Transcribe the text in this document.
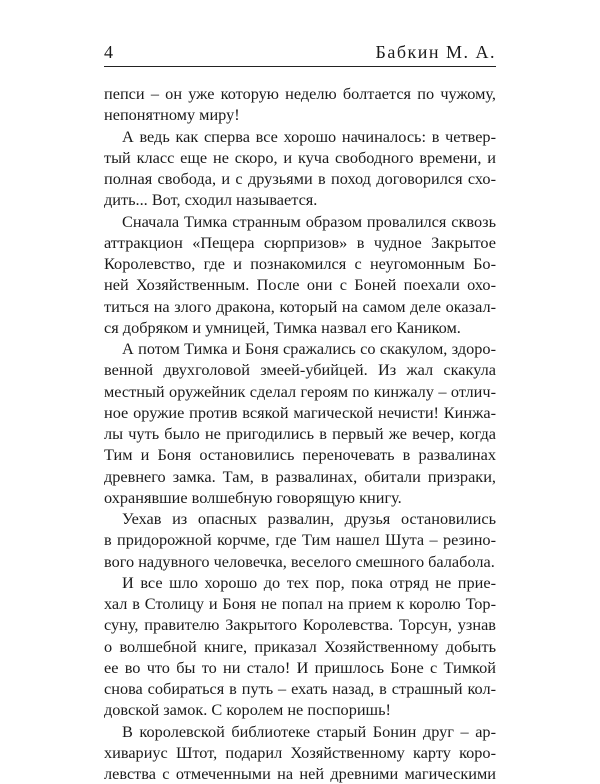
4	Бабкин М. А.
пепси – он уже которую неделю болтается по чужому,
непонятному миру!
А ведь как сперва все хорошо начиналось: в четвер-
тый класс еще не скоро, и куча свободного времени, и
полная свобода, и с друзьями в поход договорился схо-
дить... Вот, сходил называется.
Сначала Тимка странным образом провалился сквозь
аттракцион «Пещера сюрпризов» в чудное Закрытое
Королевство, где и познакомился с неугомонным Бо-
ней Хозяйственным. После они с Боней поехали охо-
титься на злого дракона, который на самом деле оказал-
ся добряком и умницей, Тимка назвал его Каником.
А потом Тимка и Боня сражались со скакулом, здоро-
венной двухголовой змеей-убийцей. Из жал скакула
местный оружейник сделал героям по кинжалу – отлич-
ное оружие против всякой магической нечисти! Кинжа-
лы чуть было не пригодились в первый же вечер, когда
Тим и Боня остановились переночевать в развалинах
древнего замка. Там, в развалинах, обитали призраки,
охранявшие волшебную говорящую книгу.
Уехав из опасных развалин, друзья остановились
в придорожной корчме, где Тим нашел Шута – резино-
вого надувного человечка, веселого смешного балабола.
И все шло хорошо до тех пор, пока отряд не прие-
хал в Столицу и Боня не попал на прием к королю Тор-
суну, правителю Закрытого Королевства. Торсун, узнав
о волшебной книге, приказал Хозяйственному добыть
ее во что бы то ни стало! И пришлось Боне с Тимкой
снова собираться в путь – ехать назад, в страшный кол-
довской замок. С королем не поспоришь!
В королевской библиотеке старый Бонин друг – ар-
хивариус Штот, подарил Хозяйственному карту коро-
левства с отмеченными на ней древними магическими
